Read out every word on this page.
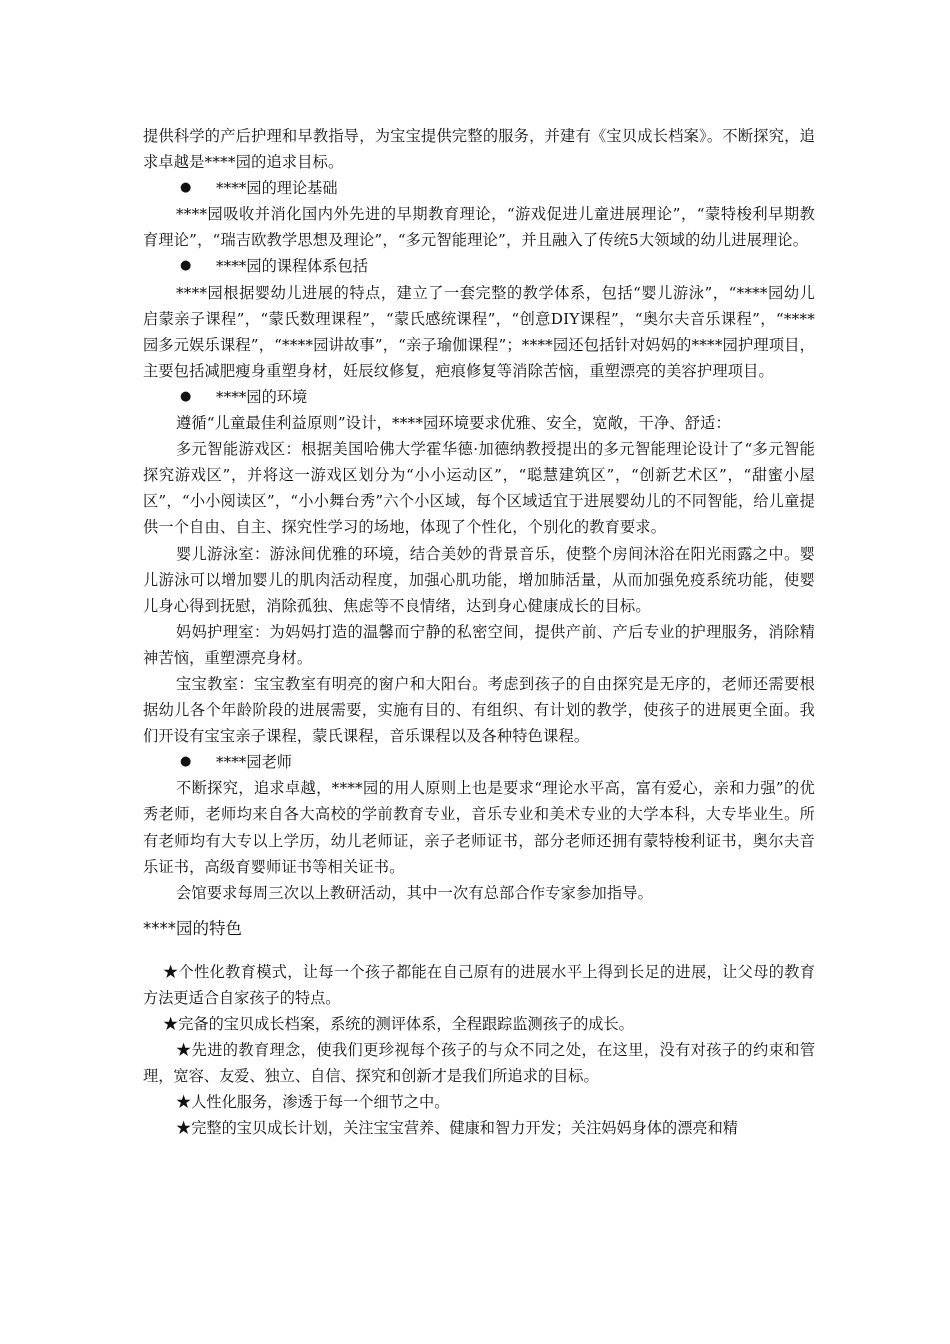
提供科学的产后护理和早教指导，为宝宝提供完整的服务，并建有《宝贝成长档案》。不断探究，追求卓越是****园的追求目标。

●	****园的理论基础

****园吸收并消化国内外先进的早期教育理论，“游戏促进儿童进展理论”，“蒙特梭利早期教育理论”，“瑞吉欧教学思想及理论”，“多元智能理论”，并且融入了传统5大领域的幼儿进展理论。

●	****园的课程体系包括

****园根据婴幼儿进展的特点，建立了一套完整的教学体系，包括“婴儿游泳”，“****园幼儿启蒙亲子课程”，“蒙氏数理课程”，“蒙氏感统课程”，“创意DIY课程”，“奥尔夫音乐课程”，“****园多元娱乐课程”，“****园讲故事”，“亲子瑜伽课程”；****园还包括针对妈妈的****园护理项目，主要包括减肥瘦身重塑身材，妊辰纹修复，疤痕修复等消除苦恼，重塑漂亮的美容护理项目。

●	****园的环境

遵循“儿童最佳利益原则”设计，****园环境要求优雅、安全，宽敞，干净、舒适：

多元智能游戏区：根据美国哈佛大学霍华德·加德纳教授提出的多元智能理论设计了“多元智能探究游戏区”，并将这一游戏区划分为“小小运动区”，“聪慧建筑区”，“创新艺术区”，“甜蜜小屋区”，“小小阅读区”，“小小舞台秀”六个小区域，每个区域适宜于进展婴幼儿的不同智能，给儿童提供一个自由、自主、探究性学习的场地，体现了个性化，个别化的教育要求。

婴儿游泳室：游泳间优雅的环境，结合美妙的背景音乐，使整个房间沐浴在阳光雨露之中。婴儿游泳可以增加婴儿的肌肉活动程度，加强心肌功能，增加肺活量，从而加强免疫系统功能，使婴儿身心得到抚慰，消除孤独、焦虑等不良情绪，达到身心健康成长的目标。

妈妈护理室：为妈妈打造的温馨而宁静的私密空间，提供产前、产后专业的护理服务，消除精神苦恼，重塑漂亮身材。

宝宝教室：宝宝教室有明亮的窗户和大阳台。考虑到孩子的自由探究是无序的，老师还需要根据幼儿各个年龄阶段的进展需要，实施有目的、有组织、有计划的教学，使孩子的进展更全面。我们开设有宝宝亲子课程，蒙氏课程，音乐课程以及各种特色课程。

●	****园老师

不断探究，追求卓越，****园的用人原则上也是要求“理论水平高，富有爱心，亲和力强”的优秀老师，老师均来自各大高校的学前教育专业，音乐专业和美术专业的大学本科，大专毕业生。所有老师均有大专以上学历，幼儿老师证，亲子老师证书，部分老师还拥有蒙特梭利证书，奥尔夫音乐证书，高级育婴师证书等相关证书。

会馆要求每周三次以上教研活动，其中一次有总部合作专家参加指导。

****园的特色

★个性化教育模式，让每一个孩子都能在自己原有的进展水平上得到长足的进展，让父母的教育方法更适合自家孩子的特点。

★完备的宝贝成长档案，系统的测评体系，全程跟踪监测孩子的成长。

★先进的教育理念，使我们更珍视每个孩子的与众不同之处，在这里，没有对孩子的约束和管理，宽容、友爱、独立、自信、探究和创新才是我们所追求的目标。

★人性化服务，渗透于每一个细节之中。

★完整的宝贝成长计划，关注宝宝营养、健康和智力开发；关注妈妈身体的漂亮和精
